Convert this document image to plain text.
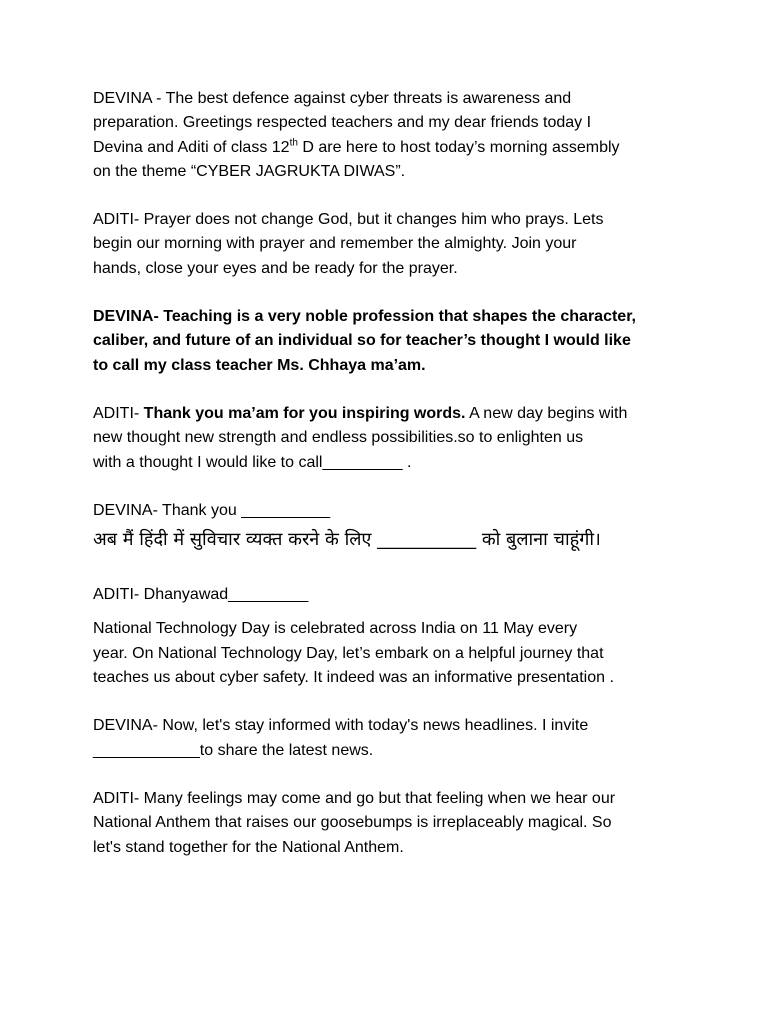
DEVINA - The best defence against cyber threats is awareness and
preparation. Greetings respected teachers and my dear friends today I
Devina and Aditi of class 12th D are here to host today’s morning assembly
on the theme “CYBER JAGRUKTA DIWAS”.
ADITI- Prayer does not change God, but it changes him who prays. Lets
begin our morning with prayer and remember the almighty. Join your
hands, close your eyes and be ready for the prayer.
DEVINA- Teaching is a very noble profession that shapes the character,
caliber, and future of an individual so for teacher’s thought I would like
to call my class teacher Ms. Chhaya ma’am.
ADITI- Thank you ma’am for you inspiring words. A new day begins with
new thought new strength and endless possibilities.so to enlighten us
with a thought I would like to call_________ .
DEVINA- Thank you __________
अब मैं हिंदी में सुविचार व्यक्त करने के लिए ___________ को बुलाना चाहूंगी।
ADITI- Dhanyawad_________
National Technology Day is celebrated across India on 11 May every
year. On National Technology Day, let’s embark on a helpful journey that
teaches us about cyber safety. It indeed was an informative presentation .
DEVINA- Now, let's stay informed with today's news headlines. I invite
____________to share the latest news.
ADITI- Many feelings may come and go but that feeling when we hear our
National Anthem that raises our goosebumps is irreplaceably magical. So
let's stand together for the National Anthem.
